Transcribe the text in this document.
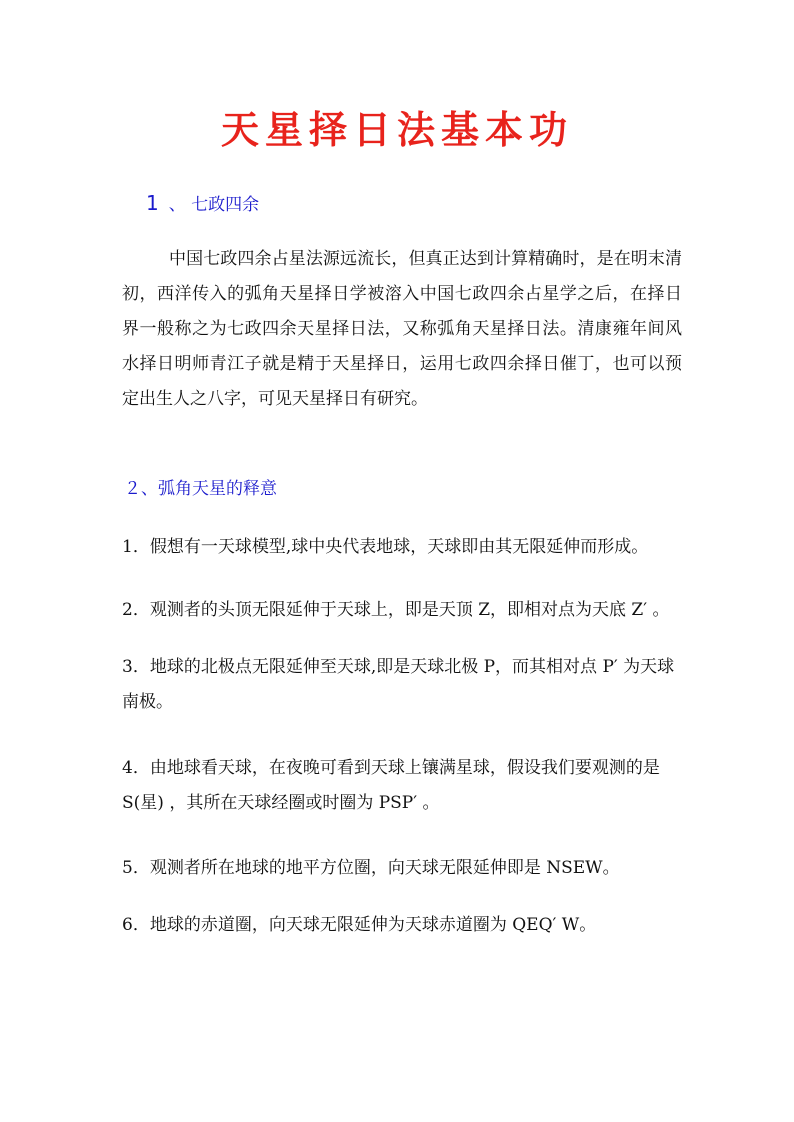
天星择日法基本功
1 、 七政四余

中国七政四余占星法源远流长，但真正达到计算精确时，是在明末清初，西洋传入的弧角天星择日学被溶入中国七政四余占星学之后，在择日界一般称之为七政四余天星择日法，又称弧角天星择日法。清康雍年间风水择日明师青江子就是精于天星择日，运用七政四余择日催丁，也可以预定出生人之八字，可见天星择日有研究。

２、弧角天星的释意

1．假想有一天球模型,球中央代表地球，天球即由其无限延伸而形成。

2．观测者的头顶无限延伸于天球上，即是天顶 Z，即相对点为天底 Z′ 。

3．地球的北极点无限延伸至天球,即是天球北极 P，而其相对点 P′ 为天球南极。

4．由地球看天球，在夜晚可看到天球上镶满星球，假设我们要观测的是 S(星) ，其所在天球经圈或时圈为 PSP′ 。

5．观测者所在地球的地平方位圈，向天球无限延伸即是 NSEW。

6．地球的赤道圈，向天球无限延伸为天球赤道圈为 QEQ′ W。
